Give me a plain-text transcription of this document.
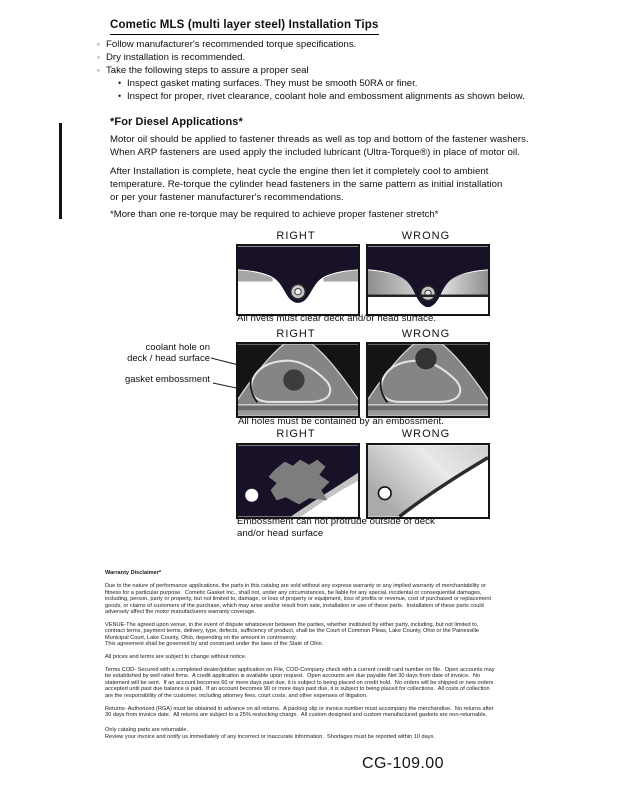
Cometic MLS (multi layer steel) Installation Tips
◦ Follow manufacturer's recommended torque specifications.
◦ Dry installation is recommended.
◦ Take the following steps to assure a proper seal
• Inspect gasket mating surfaces. They must be smooth 50RA or finer.
• Inspect for proper, rivet clearance, coolant hole and embossment alignments as shown below.
*For Diesel Applications*
Motor oil should be applied to fastener threads as well as top and bottom of the fastener washers.
When ARP fasteners are used apply the included lubricant (Ultra-Torque®) in place of motor oil.
After Installation is complete, heat cycle the engine then let it completely cool to ambient
temperature. Re-torque the cylinder head fasteners in the same pattern as initial installation
or per your fastener manufacturer's recommendations.
*More than one re-torque may be required to achieve proper fastener stretch*
RIGHT	WRONG
All rivets must clear deck and/or head surface.
RIGHT	WRONG
coolant hole on
deck / head surface
gasket embossment
All holes must be contained by an embossment.
RIGHT	WRONG
Embossment can not protrude outside of deck
and/or head surface

Warranty Disclaimer*

Due to the nature of performance applications, the parts in this catalog are sold without any express warranty or any implied warranty of merchantability or
fitness for a particular purpose.  Cometic Gasket Inc., shall not, under any circumstances, be liable for any special, incidental or consequential damages,
including, person, party or property, but not limited to, damage, or loss of property or equipment, loss of profits or revenue, cost of purchased or replacement
goods, or claims of customers of the purchase, which may arise and/or result from sale, installation or use of these parts.  Installation of these parts could
adversely affect the motor manufacturers warranty coverage.

VENUE-The agreed upon venue, in the event of dispute whatsoever between the parties, whether instituted by either party, including, but not limited to,
contract terms, payment terms, delivery, type, defects, sufficiency of product, shall be the Court of Common Pleas, Lake County, Ohio or the Painesville
Municipal Court, Lake County, Ohio, depending on the amount in controversy.
This agreement shall be governed by and construed under the laws of the State of Ohio.

All prices and terms are subject to change without notice.

Terms COD- Secured with a completed dealer/jobber application on File, COD-Company check with a current credit card number on file.  Open accounts may
be established by well rated firms.  A credit application is available upon request.  Open accounts are due payable Net 30 days from date of invoice.  No
statement will be sent.  If an account becomes 60 or more days past due, it is subject to being placed on credit hold.  No orders will be shipped or new orders
accepted until past due balance is paid.  If an account becomes 90 or more days past due, it is subject to being placed for collections.  All costs of collection
are the responsibility of the customer, including attorney fees, court costs, and other expenses of litigation.

Returns- Authorized (RGA) must be obtained in advance on all returns.  A packing slip or invoice number must accompany the merchandise.  No returns after
30 days from invoice date.  All returns are subject to a 25% restocking charge.  All custom designed and custom manufactured gaskets are non-returnable.

Only catalog parts are returnable.
Review your invoice and notify us immediately of any incorrect or inaccurate information.  Shortages must be reported within 10 days.

CG-109.00
